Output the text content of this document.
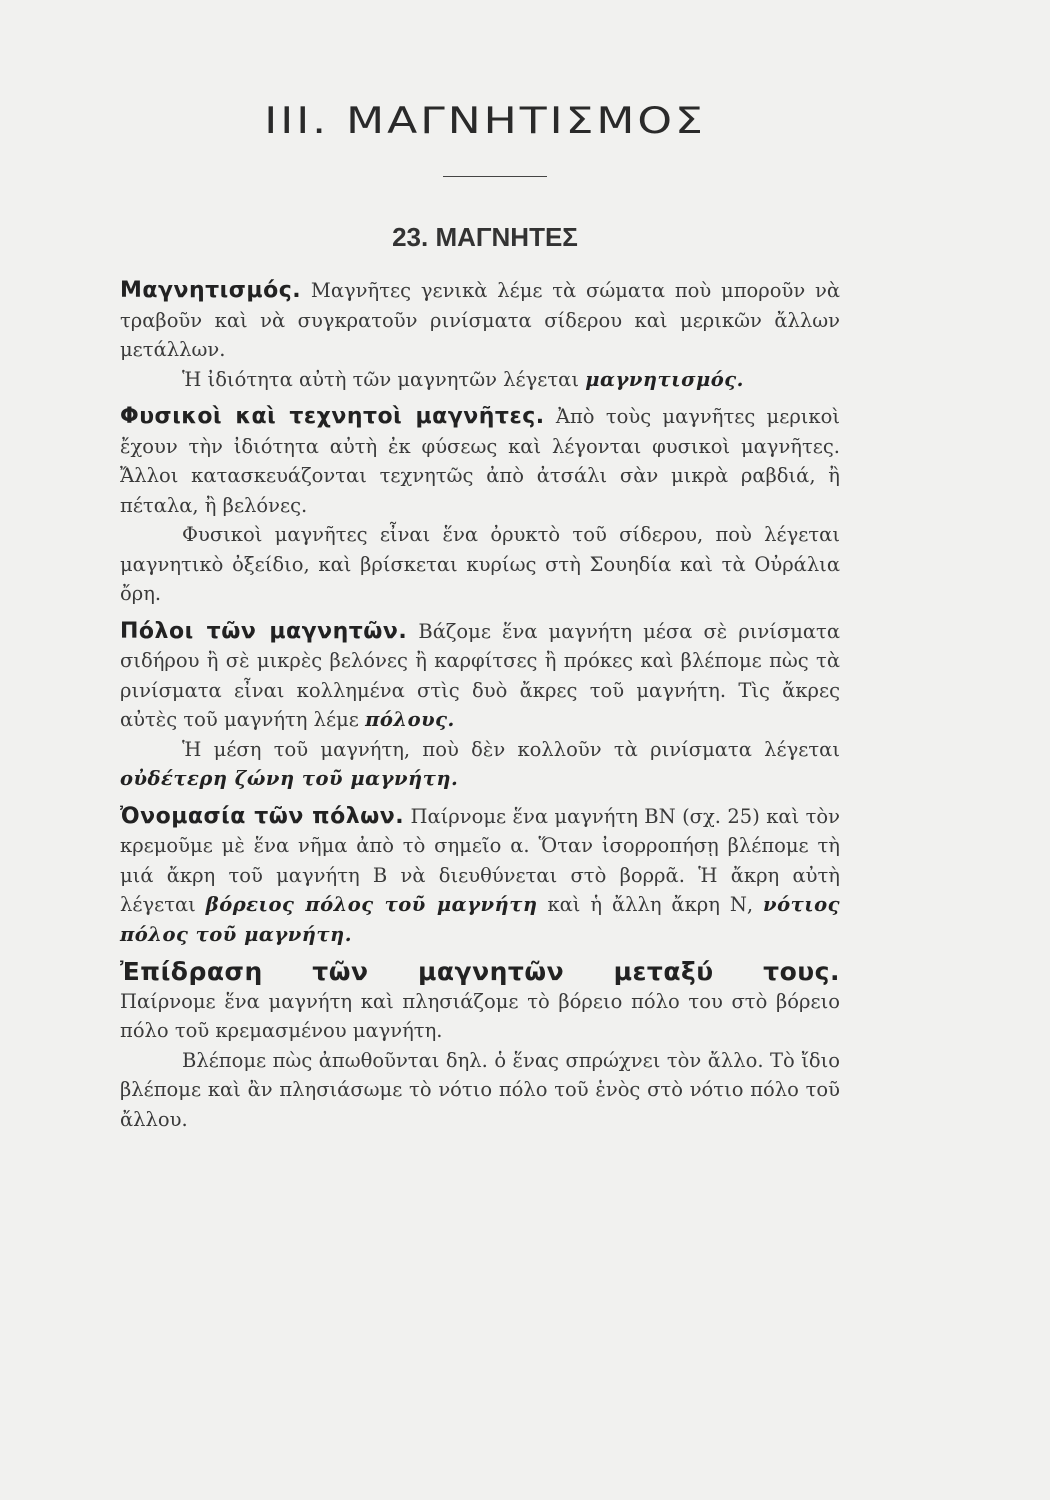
III. ΜΑΓΝΗΤΙΣΜΟΣ
23. ΜΑΓΝΗΤΕΣ

Μαγνητισμός. Μαγνῆτες γενικὰ λέμε τὰ σώματα ποὺ μποροῦν νὰ τραβοῦν καὶ νὰ συγκρατοῦν ρινίσματα σίδερου καὶ μερικῶν ἄλλων μετάλλων.

Ἡ ἰδιότητα αὐτὴ τῶν μαγνητῶν λέγεται μαγνητισμός.

Φυσικοὶ καὶ τεχνητοὶ μαγνῆτες. Ἀπὸ τοὺς μαγνῆτες μερικοὶ ἔχουν τὴν ἰδιότητα αὐτὴ ἐκ φύσεως καὶ λέγονται φυσικοὶ μαγνῆτες. Ἄλλοι κατασκευάζονται τεχνητῶς ἀπὸ ἀτσάλι σὰν μικρὰ ραβδιά, ἢ πέταλα, ἢ βελόνες.

Φυσικοὶ μαγνῆτες εἶναι ἕνα ὀρυκτὸ τοῦ σίδερου, ποὺ λέγεται μαγνητικὸ ὀξείδιο, καὶ βρίσκεται κυρίως στὴ Σουηδία καὶ τὰ Οὐράλια ὄρη.

Πόλοι τῶν μαγνητῶν. Βάζομε ἕνα μαγνήτη μέσα σὲ ρινίσματα σιδήρου ἢ σὲ μικρὲς βελόνες ἢ καρφίτσες ἢ πρόκες καὶ βλέπομε πὼς τὰ ρινίσματα εἶναι κολλημένα στὶς δυὸ ἄκρες τοῦ μαγνήτη. Τὶς ἄκρες αὐτὲς τοῦ μαγνήτη λέμε πόλους.

Ἡ μέση τοῦ μαγνήτη, ποὺ δὲν κολλοῦν τὰ ρινίσματα λέγεται οὐδέτερη ζώνη τοῦ μαγνήτη.

Ὀνομασία τῶν πόλων. Παίρνομε ἕνα μαγνήτη ΒΝ (σχ. 25) καὶ τὸν κρεμοῦμε μὲ ἕνα νῆμα ἀπὸ τὸ σημεῖο α. Ὅταν ἰσορροπήσῃ βλέπομε τὴ μιά ἄκρη τοῦ μαγνήτη Β νὰ διευθύνεται στὸ βορρᾶ. Ἡ ἄκρη αὐτὴ λέγεται βόρειος πόλος τοῦ μαγνήτη καὶ ἡ ἄλλη ἄκρη Ν, νότιος πόλος τοῦ μαγνήτη.

Ἐπίδραση τῶν μαγνητῶν μεταξύ τους.
Παίρνομε ἕνα μαγνήτη καὶ πλησιάζομε τὸ βόρειο πόλο του στὸ βόρειο πόλο τοῦ κρεμασμένου μαγνήτη.

Βλέπομε πὼς ἀπωθοῦνται δηλ. ὁ ἕνας σπρώχνει τὸν ἄλλο. Τὸ ἴδιο βλέπομε καὶ ἂν πλησιάσωμε τὸ νότιο πόλο τοῦ ἑνὸς στὸ νότιο πόλο τοῦ ἄλλου.
